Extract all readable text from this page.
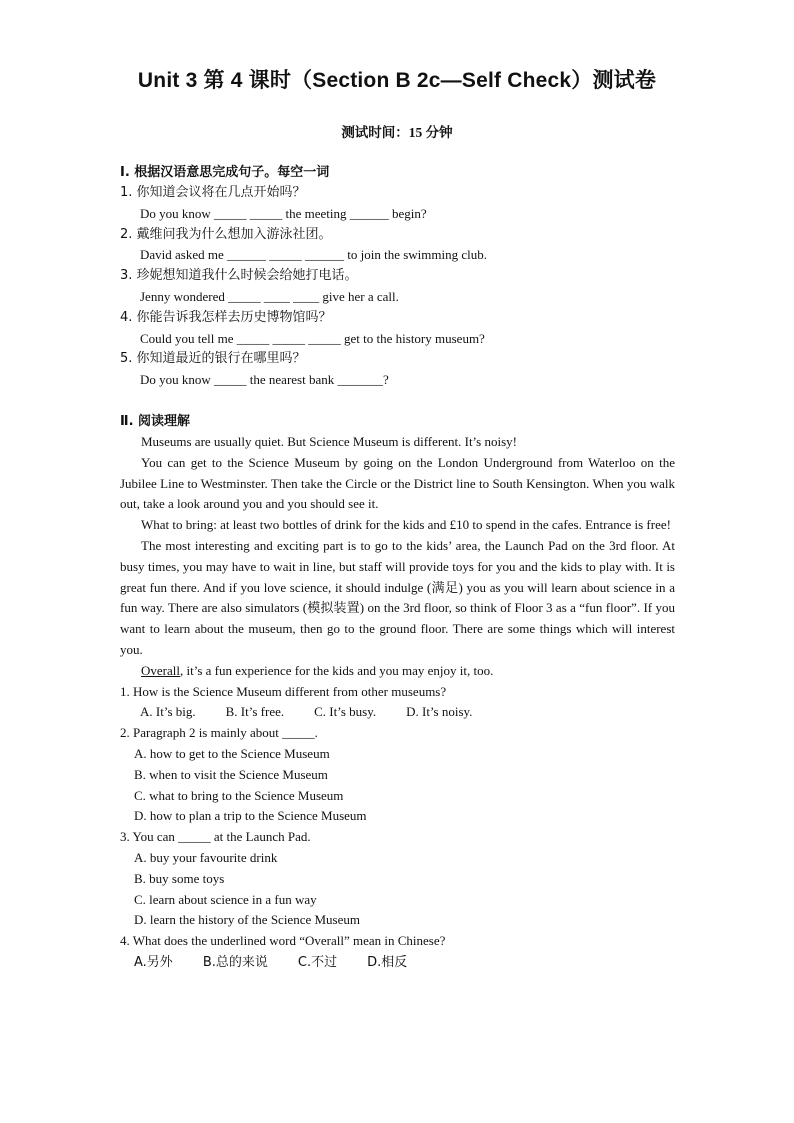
Unit 3 第 4 课时（Section B 2c—Self Check）测试卷
测试时间：15 分钟
Ⅰ. 根据汉语意思完成句子。每空一词
1. 你知道会议将在几点开始吗？
Do you know _____ _____ the meeting ______ begin?
2. 戴维问我为什么想加入游泳社团。
David asked me ______ _____ ______ to join the swimming club.
3. 珍妮想知道我什么时候会给她打电话。
Jenny wondered _____ ____ ____ give her a call.
4. 你能告诉我怎样去历史博物馆吗？
Could you tell me _____ _____ _____ get to the history museum?
5. 你知道最近的银行在哪里吗？
Do you know _____ the nearest bank _______?
Ⅱ. 阅读理解

Museums are usually quiet. But Science Museum is different. It’s noisy!

You can get to the Science Museum by going on the London Underground from Waterloo on the Jubilee Line to Westminster. Then take the Circle or the District line to South Kensington. When you walk out, take a look around you and you should see it.

What to bring: at least two bottles of drink for the kids and £10 to spend in the cafes. Entrance is free!

The most interesting and exciting part is to go to the kids’ area, the Launch Pad on the 3rd floor. At busy times, you may have to wait in line, but staff will provide toys for you and the kids to play with. It is great fun there. And if you love science, it should indulge (满足) you as you will learn about science in a fun way. There are also simulators (模拟装置) on the 3rd floor, so think of Floor 3 as a “fun floor”. If you want to learn about the museum, then go to the ground floor. There are some things which will interest you.

Overall, it’s a fun experience for the kids and you may enjoy it, too.

1. How is the Science Museum different from other museums?
A. It’s big. B. It’s free. C. It’s busy. D. It’s noisy.
2. Paragraph 2 is mainly about _____.
A. how to get to the Science Museum
B. when to visit the Science Museum
C. what to bring to the Science Museum
D. how to plan a trip to the Science Museum
3. You can _____ at the Launch Pad.
A. buy your favourite drink
B. buy some toys
C. learn about science in a fun way
D. learn the history of the Science Museum
4. What does the underlined word “Overall” mean in Chinese?
A.另外 B.总的来说 C.不过 D.相反
